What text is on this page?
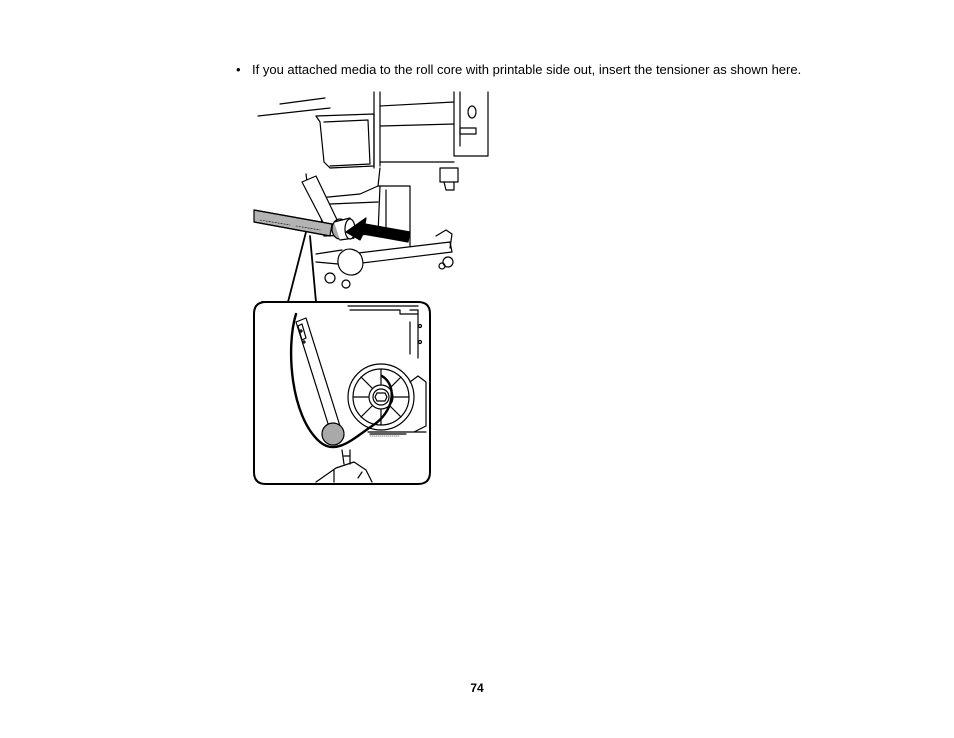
• If you attached media to the roll core with printable side out, insert the tensioner as shown here.
74
